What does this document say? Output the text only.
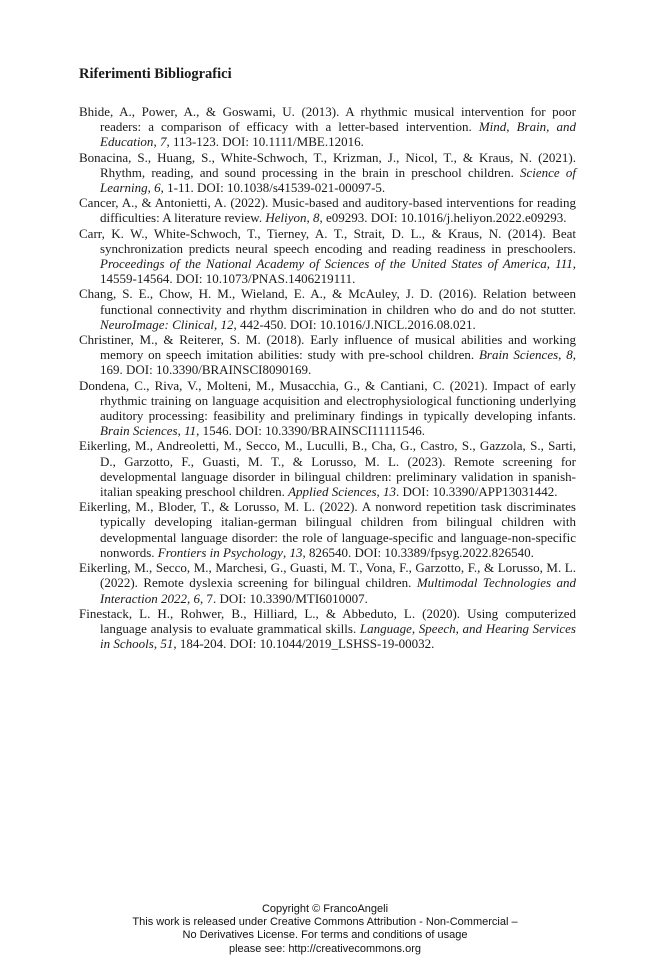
Riferimenti Bibliografici
Bhide, A., Power, A., & Goswami, U. (2013). A rhythmic musical intervention for poor readers: a comparison of efficacy with a letter-based intervention. Mind, Brain, and Education, 7, 113-123. DOI: 10.1111/MBE.12016.
Bonacina, S., Huang, S., White-Schwoch, T., Krizman, J., Nicol, T., & Kraus, N. (2021). Rhythm, reading, and sound processing in the brain in preschool children. Science of Learning, 6, 1-11. DOI: 10.1038/s41539-021-00097-5.
Cancer, A., & Antonietti, A. (2022). Music-based and auditory-based interventions for reading difficulties: A literature review. Heliyon, 8, e09293. DOI: 10.1016/j.heliyon.2022.e09293.
Carr, K. W., White-Schwoch, T., Tierney, A. T., Strait, D. L., & Kraus, N. (2014). Beat synchronization predicts neural speech encoding and reading readiness in preschoolers. Proceedings of the National Academy of Sciences of the United States of America, 111, 14559-14564. DOI: 10.1073/PNAS.1406219111.
Chang, S. E., Chow, H. M., Wieland, E. A., & McAuley, J. D. (2016). Relation between functional connectivity and rhythm discrimination in children who do and do not stutter. NeuroImage: Clinical, 12, 442-450. DOI: 10.1016/J.NICL.2016.08.021.
Christiner, M., & Reiterer, S. M. (2018). Early influence of musical abilities and working memory on speech imitation abilities: study with pre-school children. Brain Sciences, 8, 169. DOI: 10.3390/BRAINSCI8090169.
Dondena, C., Riva, V., Molteni, M., Musacchia, G., & Cantiani, C. (2021). Impact of early rhythmic training on language acquisition and electrophysiological functioning underlying auditory processing: feasibility and preliminary findings in typically developing infants. Brain Sciences, 11, 1546. DOI: 10.3390/BRAINSCI11111546.
Eikerling, M., Andreoletti, M., Secco, M., Luculli, B., Cha, G., Castro, S., Gazzola, S., Sarti, D., Garzotto, F., Guasti, M. T., & Lorusso, M. L. (2023). Remote screening for developmental language disorder in bilingual children: preliminary validation in spanish-italian speaking preschool children. Applied Sciences, 13. DOI: 10.3390/APP13031442.
Eikerling, M., Bloder, T., & Lorusso, M. L. (2022). A nonword repetition task discriminates typically developing italian-german bilingual children from bilingual children with developmental language disorder: the role of language-specific and language-non-specific nonwords. Frontiers in Psychology, 13, 826540. DOI: 10.3389/fpsyg.2022.826540.
Eikerling, M., Secco, M., Marchesi, G., Guasti, M. T., Vona, F., Garzotto, F., & Lorusso, M. L. (2022). Remote dyslexia screening for bilingual children. Multimodal Technologies and Interaction 2022, 6, 7. DOI: 10.3390/MTI6010007.
Finestack, L. H., Rohwer, B., Hilliard, L., & Abbeduto, L. (2020). Using computerized language analysis to evaluate grammatical skills. Language, Speech, and Hearing Services in Schools, 51, 184-204. DOI: 10.1044/2019_LSHSS-19-00032.
Copyright © FrancoAngeli
This work is released under Creative Commons Attribution - Non-Commercial –
No Derivatives License. For terms and conditions of usage
please see: http://creativecommons.org
